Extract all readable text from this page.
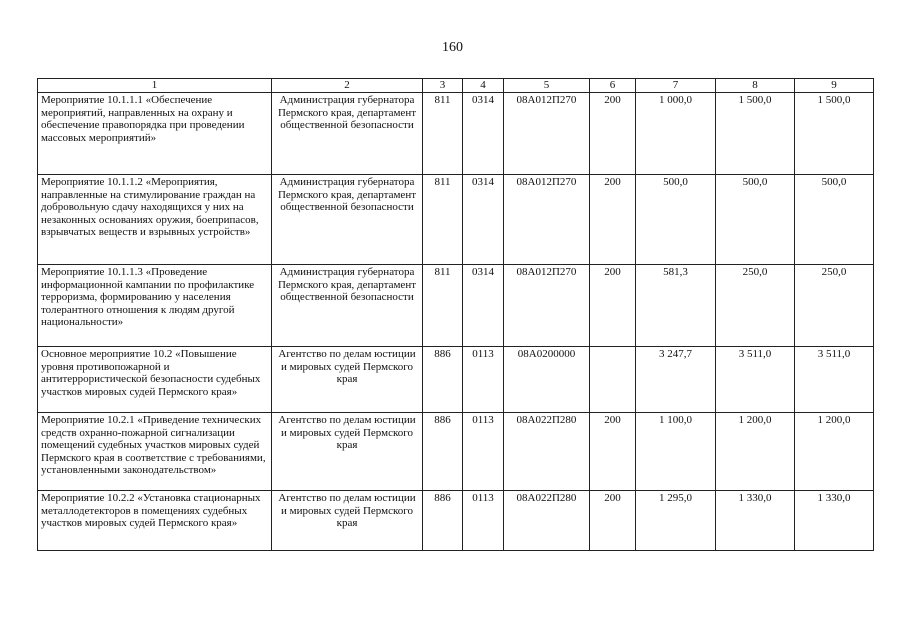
160
1	2	3	4	5	6	7	8	9
Мероприятие 10.1.1.1 «Обеспечение мероприятий, направленных на охрану и обеспечение правопорядка при проведении массовых мероприятий»	Администрация губернатора Пермского края, департамент общественной безопасности	811	0314	08А012П270	200	1 000,0	1 500,0	1 500,0
Мероприятие 10.1.1.2 «Мероприятия, направленные на стимулирование граждан на добровольную сдачу находящихся у них на незаконных основаниях оружия, боеприпасов, взрывчатых веществ и взрывных устройств»	Администрация губернатора Пермского края, департамент общественной безопасности	811	0314	08А012П270	200	500,0	500,0	500,0
Мероприятие 10.1.1.3 «Проведение информационной кампании по профилактике терроризма, формированию у населения толерантного отношения к людям другой национальности»	Администрация губернатора Пермского края, департамент общественной безопасности	811	0314	08А012П270	200	581,3	250,0	250,0
Основное мероприятие 10.2 «Повышение уровня противопожарной и антитеррористической безопасности судебных участков мировых судей Пермского края»	Агентство по делам юстиции и мировых судей Пермского края	886	0113	08А0200000		3 247,7	3 511,0	3 511,0
Мероприятие 10.2.1 «Приведение технических средств охранно-пожарной сигнализации помещений судебных участков мировых судей Пермского края в соответствие с требованиями, установленными законодательством»	Агентство по делам юстиции и мировых судей Пермского края	886	0113	08А022П280	200	1 100,0	1 200,0	1 200,0
Мероприятие 10.2.2 «Установка стационарных металлодетекторов в помещениях судебных участков мировых судей Пермского края»	Агентство по делам юстиции и мировых судей Пермского края	886	0113	08А022П280	200	1 295,0	1 330,0	1 330,0
